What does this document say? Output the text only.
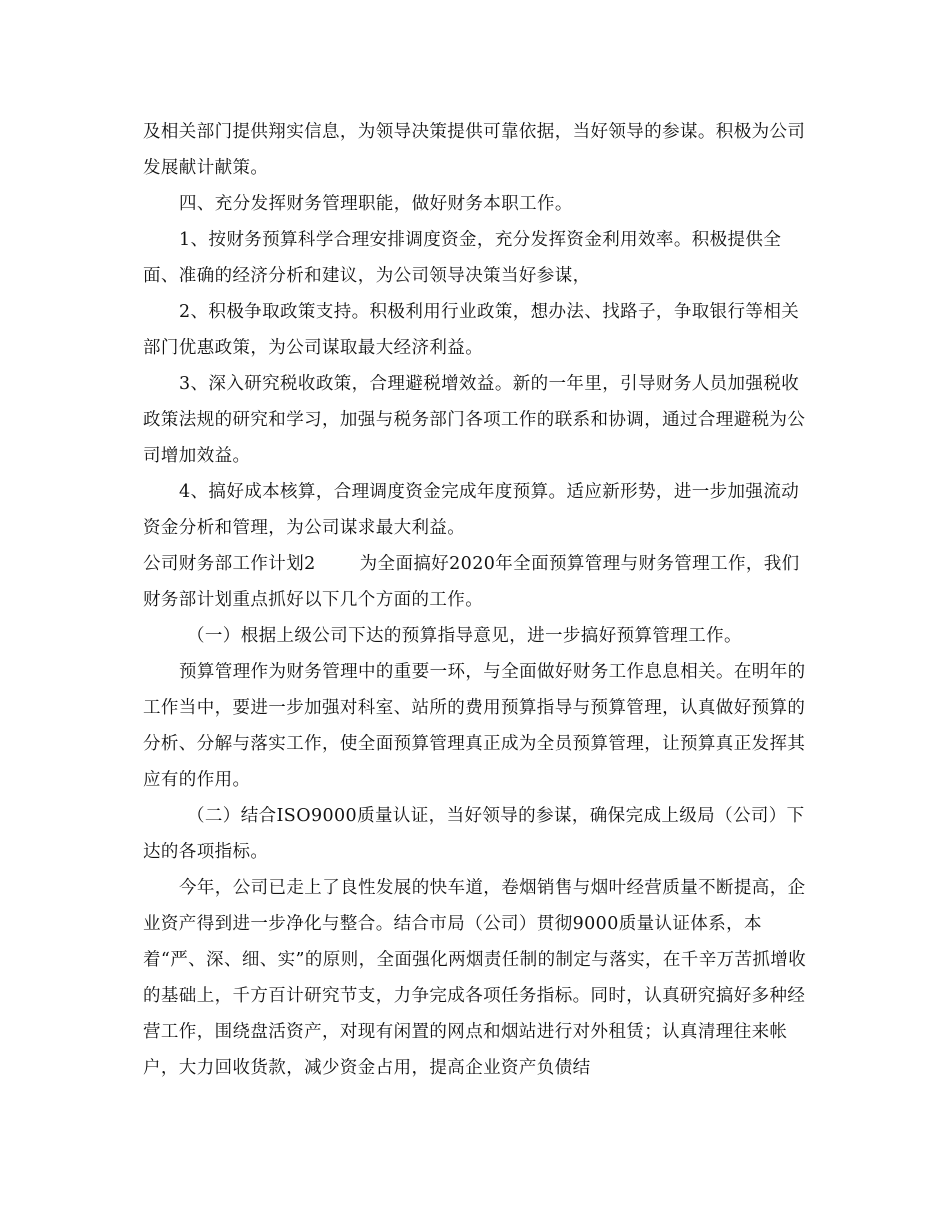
及相关部门提供翔实信息，为领导决策提供可靠依据，当好领导的参谋。积极为公司发展献计献策。

四、充分发挥财务管理职能，做好财务本职工作。

1、按财务预算科学合理安排调度资金，充分发挥资金利用效率。积极提供全面、准确的经济分析和建议，为公司领导决策当好参谋，

2、积极争取政策支持。积极利用行业政策，想办法、找路子，争取银行等相关部门优惠政策，为公司谋取最大经济利益。

3、深入研究税收政策，合理避税增效益。新的一年里，引导财务人员加强税收政策法规的研究和学习，加强与税务部门各项工作的联系和协调，通过合理避税为公司增加效益。

4、搞好成本核算，合理调度资金完成年度预算。适应新形势，进一步加强流动资金分析和管理，为公司谋求最大利益。

公司财务部工作计划2	为全面搞好2020年全面预算管理与财务管理工作，我们财务部计划重点抓好以下几个方面的工作。

（一）根据上级公司下达的预算指导意见，进一步搞好预算管理工作。

预算管理作为财务管理中的重要一环，与全面做好财务工作息息相关。在明年的工作当中，要进一步加强对科室、站所的费用预算指导与预算管理，认真做好预算的分析、分解与落实工作，使全面预算管理真正成为全员预算管理，让预算真正发挥其应有的作用。

（二）结合ISO9000质量认证，当好领导的参谋，确保完成上级局（公司）下达的各项指标。

今年，公司已走上了良性发展的快车道，卷烟销售与烟叶经营质量不断提高，企业资产得到进一步净化与整合。结合市局（公司）贯彻9000质量认证体系，本着“严、深、细、实”的原则，全面强化两烟责任制的制定与落实，在千辛万苦抓增收的基础上，千方百计研究节支，力争完成各项任务指标。同时，认真研究搞好多种经营工作，围绕盘活资产，对现有闲置的网点和烟站进行对外租赁；认真清理往来帐户，大力回收货款，减少资金占用，提高企业资产负债结
